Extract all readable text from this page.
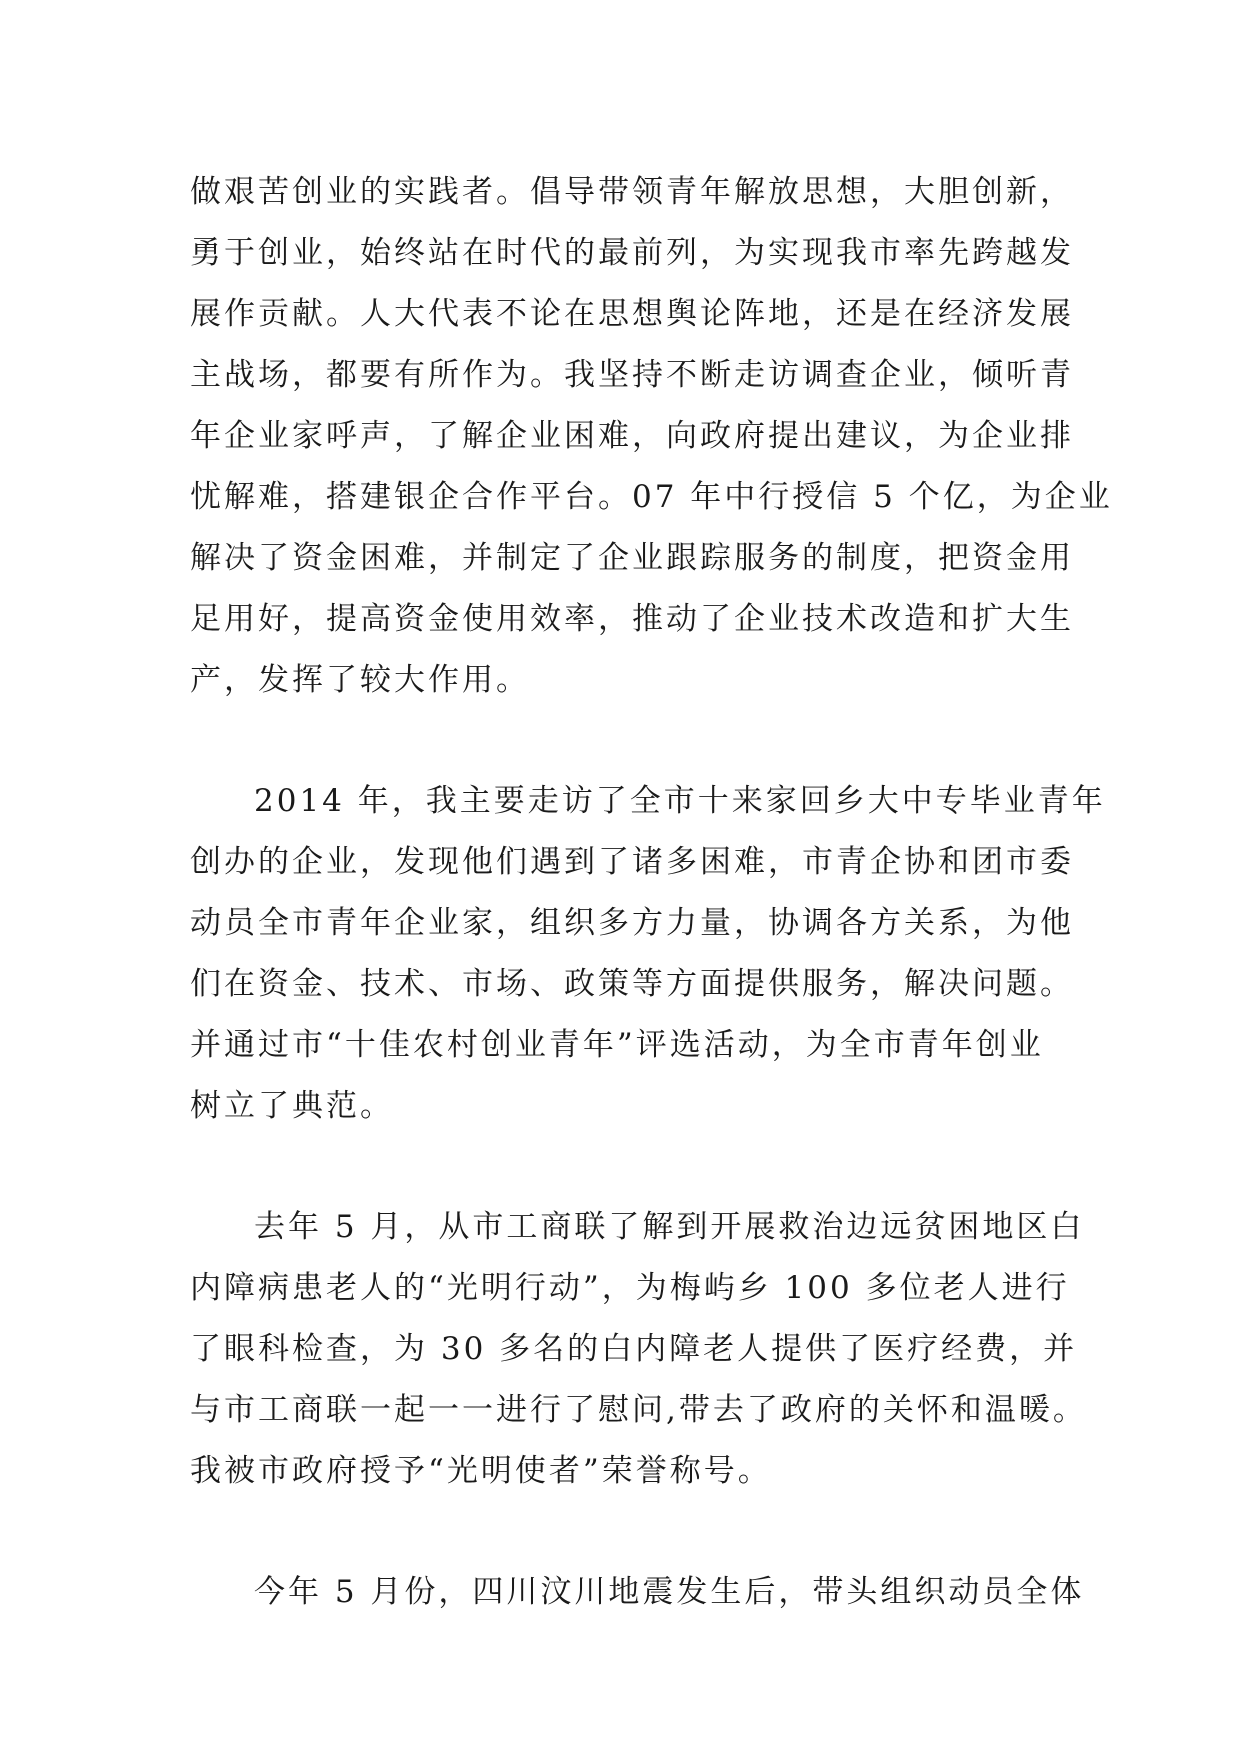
做艰苦创业的实践者。倡导带领青年解放思想，大胆创新，
勇于创业，始终站在时代的最前列，为实现我市率先跨越发
展作贡献。人大代表不论在思想舆论阵地，还是在经济发展
主战场，都要有所作为。我坚持不断走访调查企业，倾听青
年企业家呼声，了解企业困难，向政府提出建议，为企业排
忧解难，搭建银企合作平台。07 年中行授信 5 个亿，为企业
解决了资金困难，并制定了企业跟踪服务的制度，把资金用
足用好，提高资金使用效率，推动了企业技术改造和扩大生
产，发挥了较大作用。
2014 年，我主要走访了全市十来家回乡大中专毕业青年
创办的企业，发现他们遇到了诸多困难，市青企协和团市委
动员全市青年企业家，组织多方力量，协调各方关系，为他
们在资金、技术、市场、政策等方面提供服务，解决问题。
并通过市“十佳农村创业青年”评选活动，为全市青年创业
树立了典范。
去年 5 月，从市工商联了解到开展救治边远贫困地区白
内障病患老人的“光明行动”，为梅屿乡 100 多位老人进行
了眼科检查，为 30 多名的白内障老人提供了医疗经费，并
与市工商联一起一一进行了慰问,带去了政府的关怀和温暖。
我被市政府授予“光明使者”荣誉称号。
今年 5 月份，四川汶川地震发生后，带头组织动员全体
